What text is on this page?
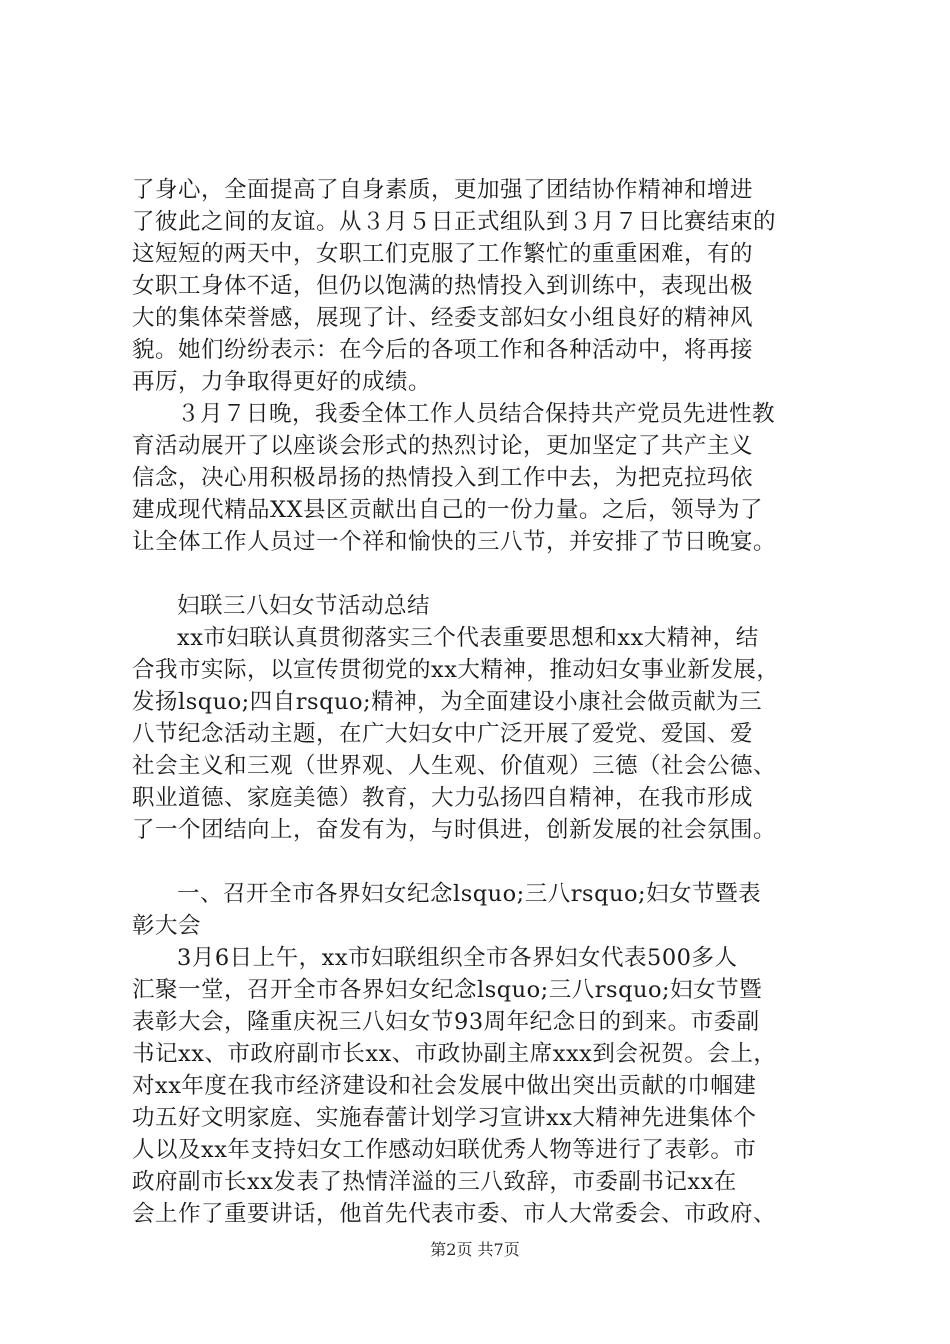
了身心，全面提高了自身素质，更加强了团结协作精神和增进
了彼此之间的友谊。从３月５日正式组队到３月７日比赛结束的
这短短的两天中，女职工们克服了工作繁忙的重重困难，有的
女职工身体不适，但仍以饱满的热情投入到训练中，表现出极
大的集体荣誉感，展现了计、经委支部妇女小组良好的精神风
貌。她们纷纷表示：在今后的各项工作和各种活动中，将再接
再厉，力争取得更好的成绩。
３月７日晚，我委全体工作人员结合保持共产党员先进性教
育活动展开了以座谈会形式的热烈讨论，更加坚定了共产主义
信念，决心用积极昂扬的热情投入到工作中去，为把克拉玛依
建成现代精品XX县区贡献出自己的一份力量。之后，领导为了
让全体工作人员过一个祥和愉快的三八节，并安排了节日晚宴。
妇联三八妇女节活动总结
xx市妇联认真贯彻落实三个代表重要思想和xx大精神，结
合我市实际，以宣传贯彻党的xx大精神，推动妇女事业新发展，
发扬lsquo;四自rsquo;精神，为全面建设小康社会做贡献为三
八节纪念活动主题，在广大妇女中广泛开展了爱党、爱国、爱
社会主义和三观（世界观、人生观、价值观）三德（社会公德、
职业道德、家庭美德）教育，大力弘扬四自精神，在我市形成
了一个团结向上，奋发有为，与时俱进，创新发展的社会氛围。
一、召开全市各界妇女纪念lsquo;三八rsquo;妇女节暨表
彰大会
3月6日上午，xx市妇联组织全市各界妇女代表500多人
汇聚一堂，召开全市各界妇女纪念lsquo;三八rsquo;妇女节暨
表彰大会，隆重庆祝三八妇女节93周年纪念日的到来。市委副
书记xx、市政府副市长xx、市政协副主席xxx到会祝贺。会上，
对xx年度在我市经济建设和社会发展中做出突出贡献的巾帼建
功五好文明家庭、实施春蕾计划学习宣讲xx大精神先进集体个
人以及xx年支持妇女工作感动妇联优秀人物等进行了表彰。市
政府副市长xx发表了热情洋溢的三八致辞，市委副书记xx在
会上作了重要讲话，他首先代表市委、市人大常委会、市政府、
第2页 共7页
